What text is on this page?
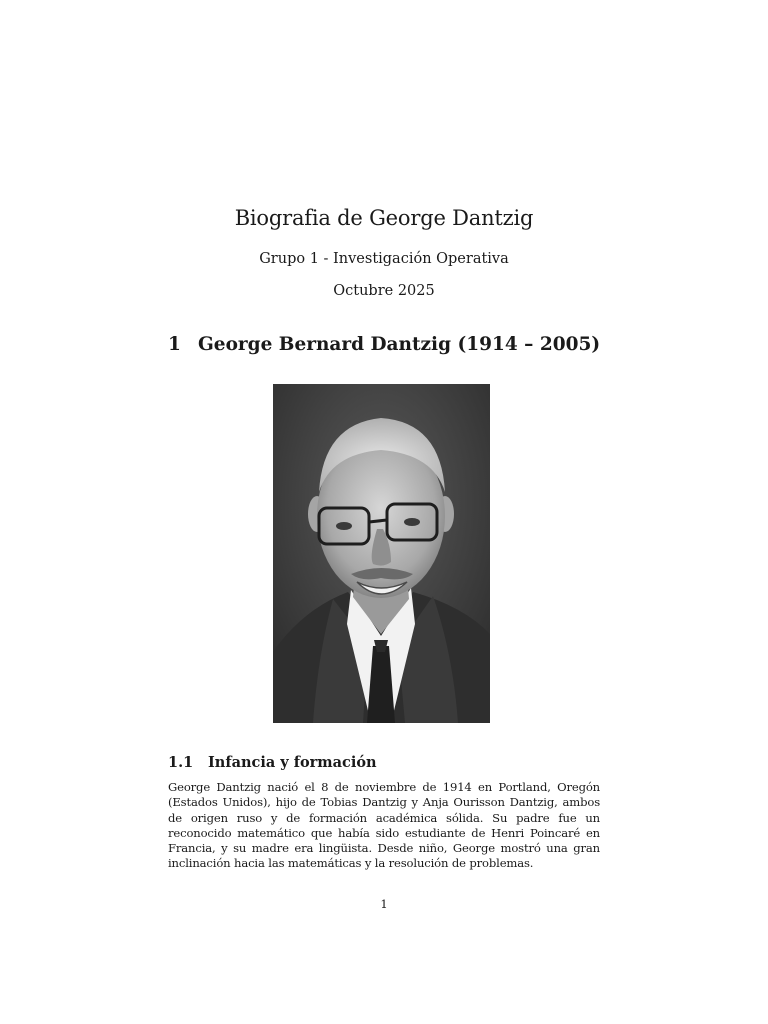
Biografia de George Dantzig
Grupo 1 - Investigación Operativa
Octubre 2025
1 George Bernard Dantzig (1914 – 2005)
1.1 Infancia y formación
George Dantzig nació el 8 de noviembre de 1914 en Portland, Oregón (Estados Unidos), hijo de Tobias Dantzig y Anja Ourisson Dantzig, ambos de origen ruso y de formación académica sólida. Su padre fue un reconocido matemático que había sido estudiante de Henri Poincaré en Francia, y su madre era lingüista. Desde niño, George mostró una gran inclinación hacia las matemáticas y la resolución de problemas.
1
